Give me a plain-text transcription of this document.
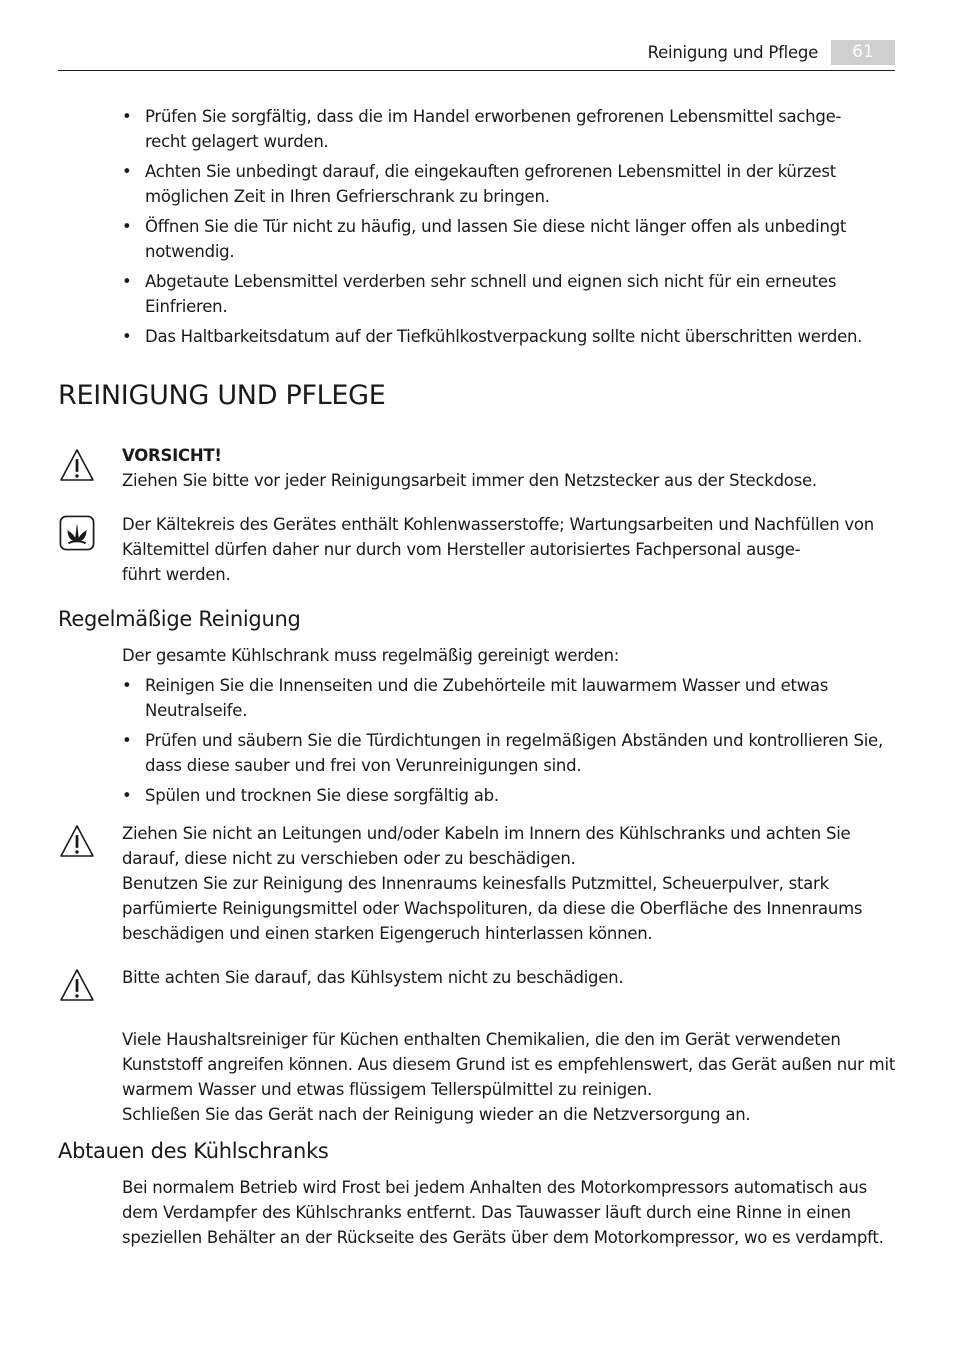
Reinigung und Pflege	61
• Prüfen Sie sorgfältig, dass die im Handel erworbenen gefrorenen Lebensmittel sachge-
recht gelagert wurden.
• Achten Sie unbedingt darauf, die eingekauften gefrorenen Lebensmittel in der kürzest möglichen Zeit in Ihren Gefrierschrank zu bringen.
• Öffnen Sie die Tür nicht zu häufig, und lassen Sie diese nicht länger offen als unbedingt notwendig.
• Abgetaute Lebensmittel verderben sehr schnell und eignen sich nicht für ein erneutes Einfrieren.
• Das Haltbarkeitsdatum auf der Tiefkühlkostverpackung sollte nicht überschritten werden.
REINIGUNG UND PFLEGE
VORSICHT!
Ziehen Sie bitte vor jeder Reinigungsarbeit immer den Netzstecker aus der Steckdose.
Der Kältekreis des Gerätes enthält Kohlenwasserstoffe; Wartungsarbeiten und Nachfüllen von Kältemittel dürfen daher nur durch vom Hersteller autorisiertes Fachpersonal ausge-
führt werden.
Regelmäßige Reinigung
Der gesamte Kühlschrank muss regelmäßig gereinigt werden:
• Reinigen Sie die Innenseiten und die Zubehörteile mit lauwarmem Wasser und etwas Neutralseife.
• Prüfen und säubern Sie die Türdichtungen in regelmäßigen Abständen und kontrollieren Sie, dass diese sauber und frei von Verunreinigungen sind.
• Spülen und trocknen Sie diese sorgfältig ab.
Ziehen Sie nicht an Leitungen und/oder Kabeln im Innern des Kühlschranks und achten Sie darauf, diese nicht zu verschieben oder zu beschädigen.
Benutzen Sie zur Reinigung des Innenraums keinesfalls Putzmittel, Scheuerpulver, stark parfümierte Reinigungsmittel oder Wachspolituren, da diese die Oberfläche des Innenraums beschädigen und einen starken Eigengeruch hinterlassen können.
Bitte achten Sie darauf, das Kühlsystem nicht zu beschädigen.
Viele Haushaltsreiniger für Küchen enthalten Chemikalien, die den im Gerät verwendeten Kunststoff angreifen können. Aus diesem Grund ist es empfehlenswert, das Gerät außen nur mit warmem Wasser und etwas flüssigem Tellerspülmittel zu reinigen.
Schließen Sie das Gerät nach der Reinigung wieder an die Netzversorgung an.
Abtauen des Kühlschranks
Bei normalem Betrieb wird Frost bei jedem Anhalten des Motorkompressors automatisch aus dem Verdampfer des Kühlschranks entfernt. Das Tauwasser läuft durch eine Rinne in einen speziellen Behälter an der Rückseite des Geräts über dem Motorkompressor, wo es verdampft.
